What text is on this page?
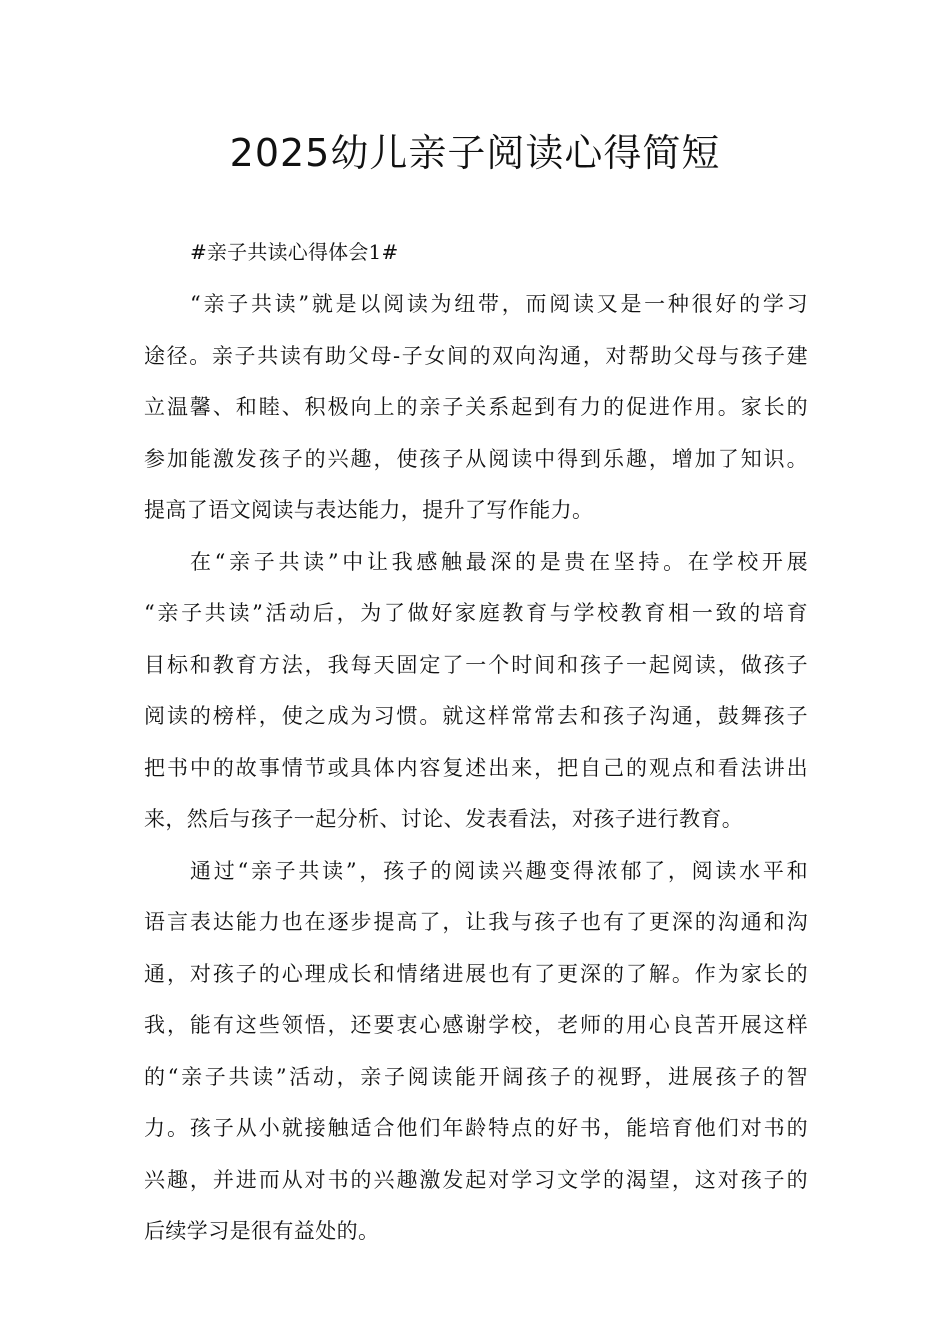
2025幼儿亲子阅读心得简短
#亲子共读心得体会1#
“亲子共读”就是以阅读为纽带，而阅读又是一种很好的学习
途径。亲子共读有助父母-子女间的双向沟通，对帮助父母与孩子建
立温馨、和睦、积极向上的亲子关系起到有力的促进作用。家长的
参加能激发孩子的兴趣，使孩子从阅读中得到乐趣，增加了知识。
提高了语文阅读与表达能力，提升了写作能力。
在“亲子共读”中让我感触最深的是贵在坚持。在学校开展
“亲子共读”活动后，为了做好家庭教育与学校教育相一致的培育
目标和教育方法，我每天固定了一个时间和孩子一起阅读，做孩子
阅读的榜样，使之成为习惯。就这样常常去和孩子沟通，鼓舞孩子
把书中的故事情节或具体内容复述出来，把自己的观点和看法讲出
来，然后与孩子一起分析、讨论、发表看法，对孩子进行教育。
通过“亲子共读”，孩子的阅读兴趣变得浓郁了，阅读水平和
语言表达能力也在逐步提高了，让我与孩子也有了更深的沟通和沟
通，对孩子的心理成长和情绪进展也有了更深的了解。作为家长的
我，能有这些领悟，还要衷心感谢学校，老师的用心良苦开展这样
的“亲子共读”活动，亲子阅读能开阔孩子的视野，进展孩子的智
力。孩子从小就接触适合他们年龄特点的好书，能培育他们对书的
兴趣，并进而从对书的兴趣激发起对学习文学的渴望，这对孩子的
后续学习是很有益处的。
